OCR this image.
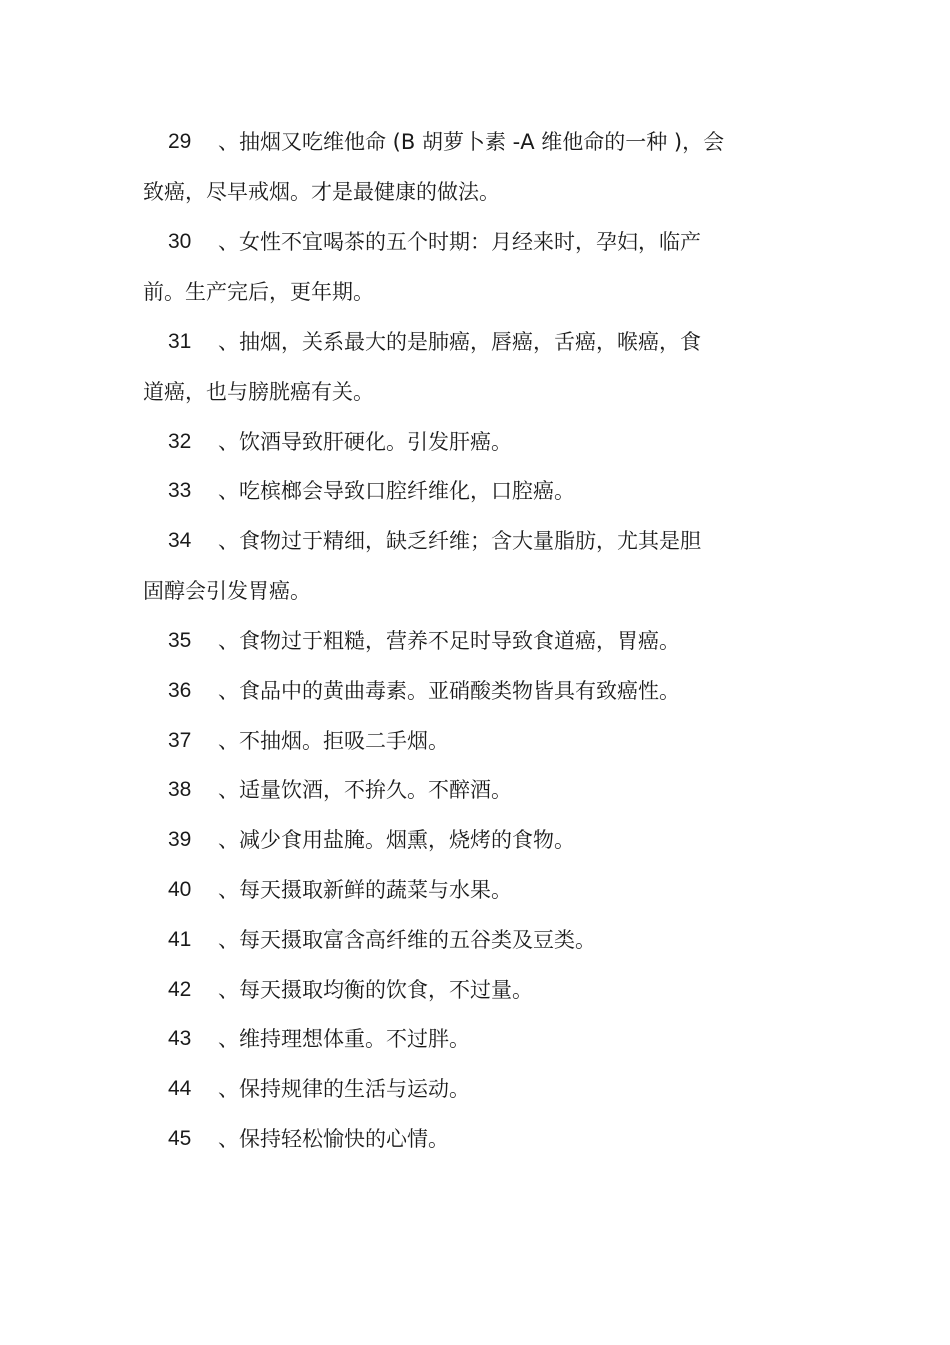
29	、抽烟又吃维他命 (B 胡萝卜素 -A 维他命的一种 )，会
致癌，尽早戒烟。才是最健康的做法。
30	、女性不宜喝茶的五个时期：月经来时，孕妇，临产
前。生产完后，更年期。
31	、抽烟，关系最大的是肺癌，唇癌，舌癌，喉癌，食
道癌，也与膀胱癌有关。
32	、饮酒导致肝硬化。引发肝癌。
33	、吃槟榔会导致口腔纤维化，口腔癌。
34	、食物过于精细，缺乏纤维；含大量脂肪，尤其是胆
固醇会引发胃癌。
35	、食物过于粗糙，营养不足时导致食道癌，胃癌。
36	、食品中的黄曲毒素。亚硝酸类物皆具有致癌性。
37	、不抽烟。拒吸二手烟。
38	、适量饮酒，不拚久。不醉酒。
39	、减少食用盐腌。烟熏，烧烤的食物。
40	、每天摄取新鲜的蔬菜与水果。
41	、每天摄取富含高纤维的五谷类及豆类。
42	、每天摄取均衡的饮食，不过量。
43	、维持理想体重。不过胖。
44	、保持规律的生活与运动。
45	、保持轻松愉快的心情。
